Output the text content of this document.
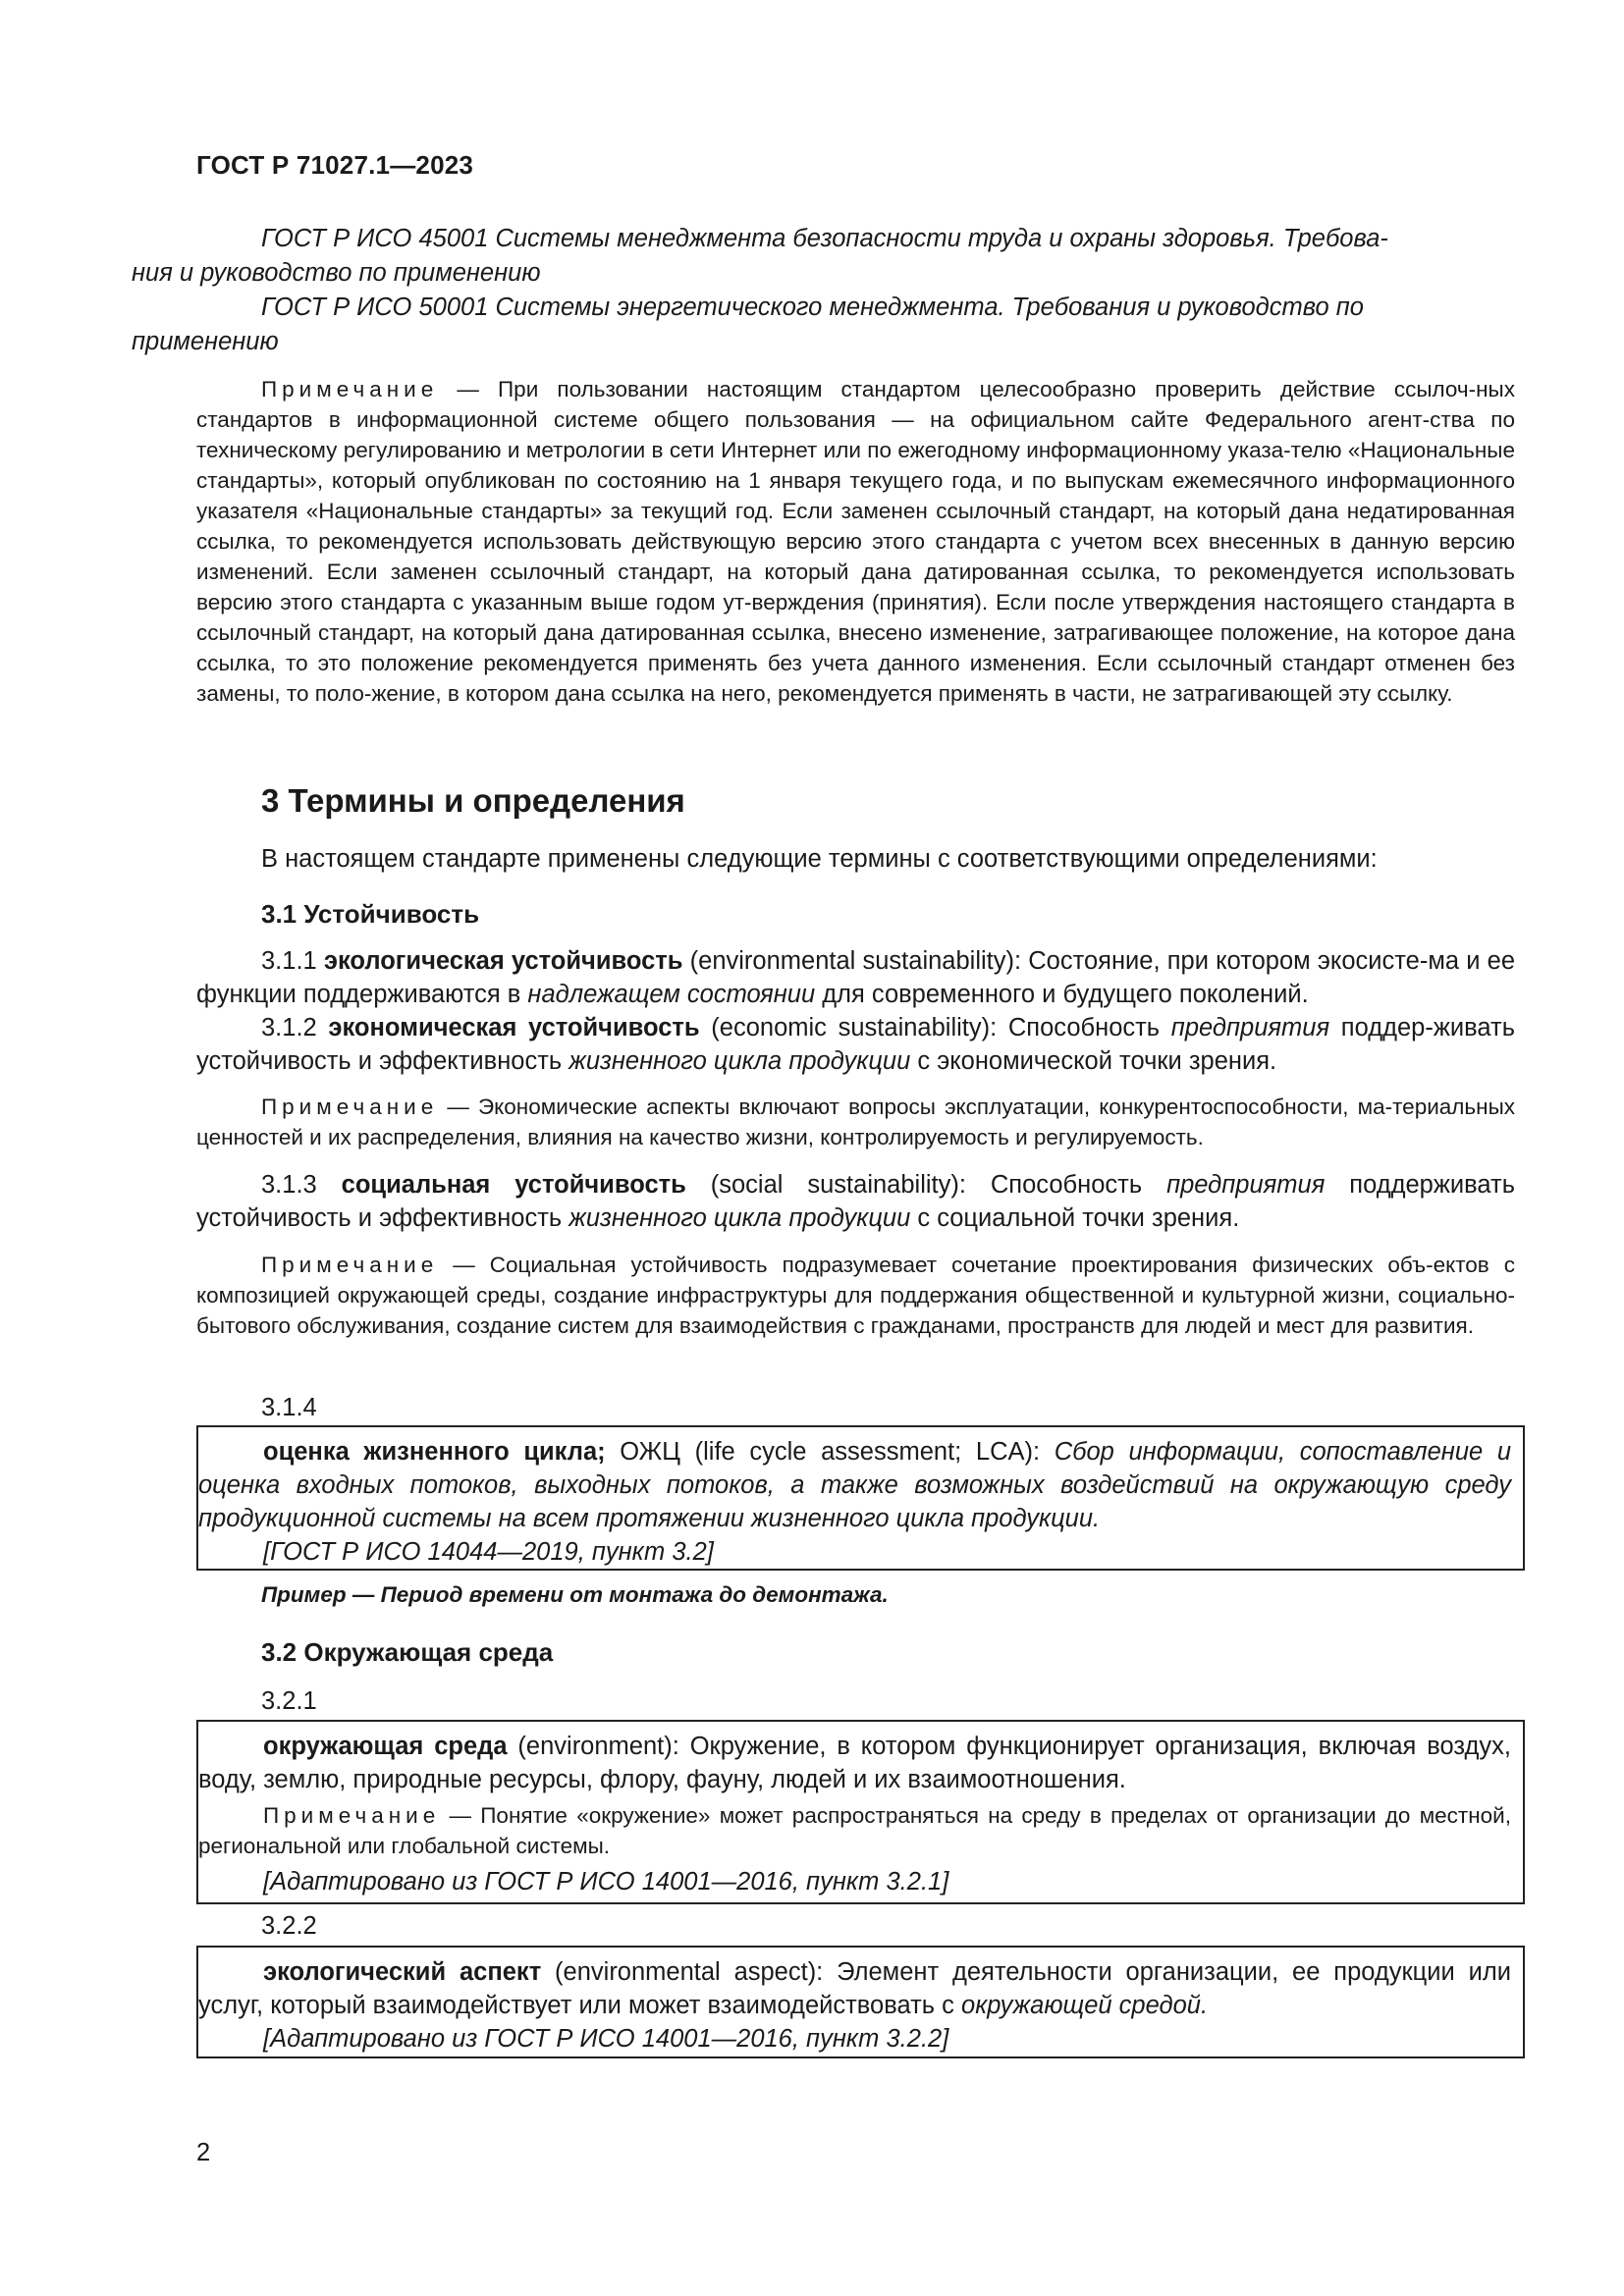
ГОСТ Р 71027.1—2023

ГОСТ Р ИСО 45001 Системы менеджмента безопасности труда и охраны здоровья. Требова-
ния и руководство по применению

ГОСТ Р ИСО 50001 Системы энергетического менеджмента. Требования и руководство по
применению

Примечание — При пользовании настоящим стандартом целесообразно проверить действие ссылоч-ных стандартов в информационной системе общего пользования — на официальном сайте Федерального агент-ства по техническому регулированию и метрологии в сети Интернет или по ежегодному информационному указа-телю «Национальные стандарты», который опубликован по состоянию на 1 января текущего года, и по выпускам ежемесячного информационного указателя «Национальные стандарты» за текущий год. Если заменен ссылочный стандарт, на который дана недатированная ссылка, то рекомендуется использовать действующую версию этого стандарта с учетом всех внесенных в данную версию изменений. Если заменен ссылочный стандарт, на который дана датированная ссылка, то рекомендуется использовать версию этого стандарта с указанным выше годом ут-верждения (принятия). Если после утверждения настоящего стандарта в ссылочный стандарт, на который дана датированная ссылка, внесено изменение, затрагивающее положение, на которое дана ссылка, то это положение рекомендуется применять без учета данного изменения. Если ссылочный стандарт отменен без замены, то поло-жение, в котором дана ссылка на него, рекомендуется применять в части, не затрагивающей эту ссылку.

3 Термины и определения

В настоящем стандарте применены следующие термины с соответствующими определениями:

3.1 Устойчивость

3.1.1 экологическая устойчивость (environmental sustainability): Состояние, при котором экосисте-ма и ее функции поддерживаются в надлежащем состоянии для современного и будущего поколений.

3.1.2 экономическая устойчивость (economic sustainability): Способность предприятия поддер-живать устойчивость и эффективность жизненного цикла продукции с экономической точки зрения.

Примечание — Экономические аспекты включают вопросы эксплуатации, конкурентоспособности, ма-териальных ценностей и их распределения, влияния на качество жизни, контролируемость и регулируемость.

3.1.3 социальная устойчивость (social sustainability): Способность предприятия поддерживать устойчивость и эффективность жизненного цикла продукции с социальной точки зрения.

Примечание — Социальная устойчивость подразумевает сочетание проектирования физических объ-ектов с композицией окружающей среды, создание инфраструктуры для поддержания общественной и культурной жизни, социально-бытового обслуживания, создание систем для взаимодействия с гражданами, пространств для людей и мест для развития.

3.1.4

оценка жизненного цикла; ОЖЦ (life cycle assessment; LCA): Сбор информации, сопоставление и оценка входных потоков, выходных потоков, а также возможных воздействий на окружающую среду продукционной системы на всем протяжении жизненного цикла продукции.

[ГОСТ Р ИСО 14044—2019, пункт 3.2]

Пример — Период времени от монтажа до демонтажа.
3.2 Окружающая среда
3.2.1

окружающая среда (environment): Окружение, в котором функционирует организация, включая воздух, воду, землю, природные ресурсы, флору, фауну, людей и их взаимоотношения.

Примечание — Понятие «окружение» может распространяться на среду в пределах от организации до местной, региональной или глобальной системы.

[Адаптировано из ГОСТ Р ИСО 14001—2016, пункт 3.2.1]

3.2.2

экологический аспект (environmental aspect): Элемент деятельности организации, ее продукции или услуг, который взаимодействует или может взаимодействовать с окружающей средой.

[Адаптировано из ГОСТ Р ИСО 14001—2016, пункт 3.2.2]

2
